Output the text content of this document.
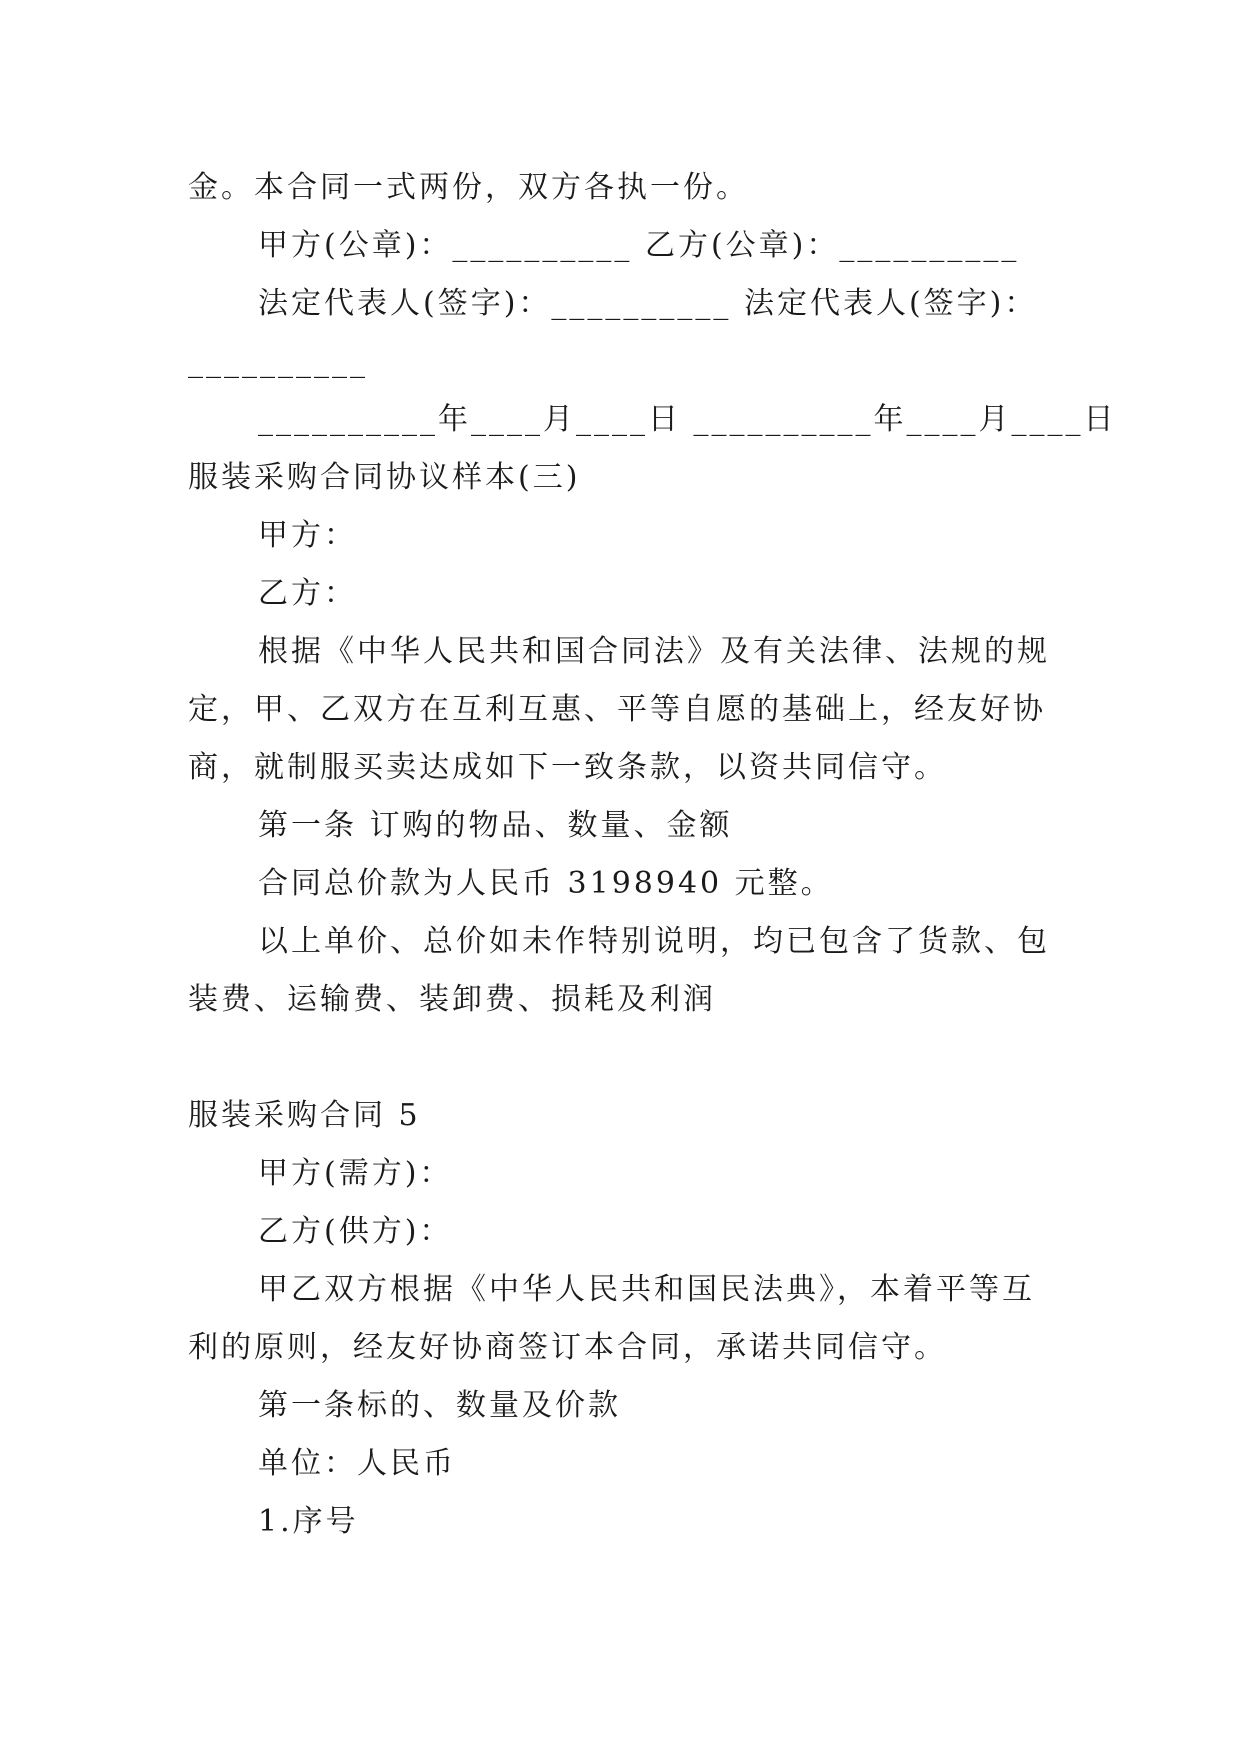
金。本合同一式两份，双方各执一份。
甲方(公章)：__________ 乙方(公章)：__________
法定代表人(签字)：__________ 法定代表人(签字)：
__________
__________年____月____日 __________年____月____日
服装采购合同协议样本(三)
甲方：
乙方：
根据《中华人民共和国合同法》及有关法律、法规的规
定，甲、乙双方在互利互惠、平等自愿的基础上，经友好协
商，就制服买卖达成如下一致条款，以资共同信守。
第一条 订购的物品、数量、金额
合同总价款为人民币 3198940 元整。
以上单价、总价如未作特别说明，均已包含了货款、包
装费、运输费、装卸费、损耗及利润
服装采购合同 5
甲方(需方)：
乙方(供方)：
甲乙双方根据《中华人民共和国民法典》，本着平等互
利的原则，经友好协商签订本合同，承诺共同信守。
第一条标的、数量及价款
单位：人民币
1.序号
